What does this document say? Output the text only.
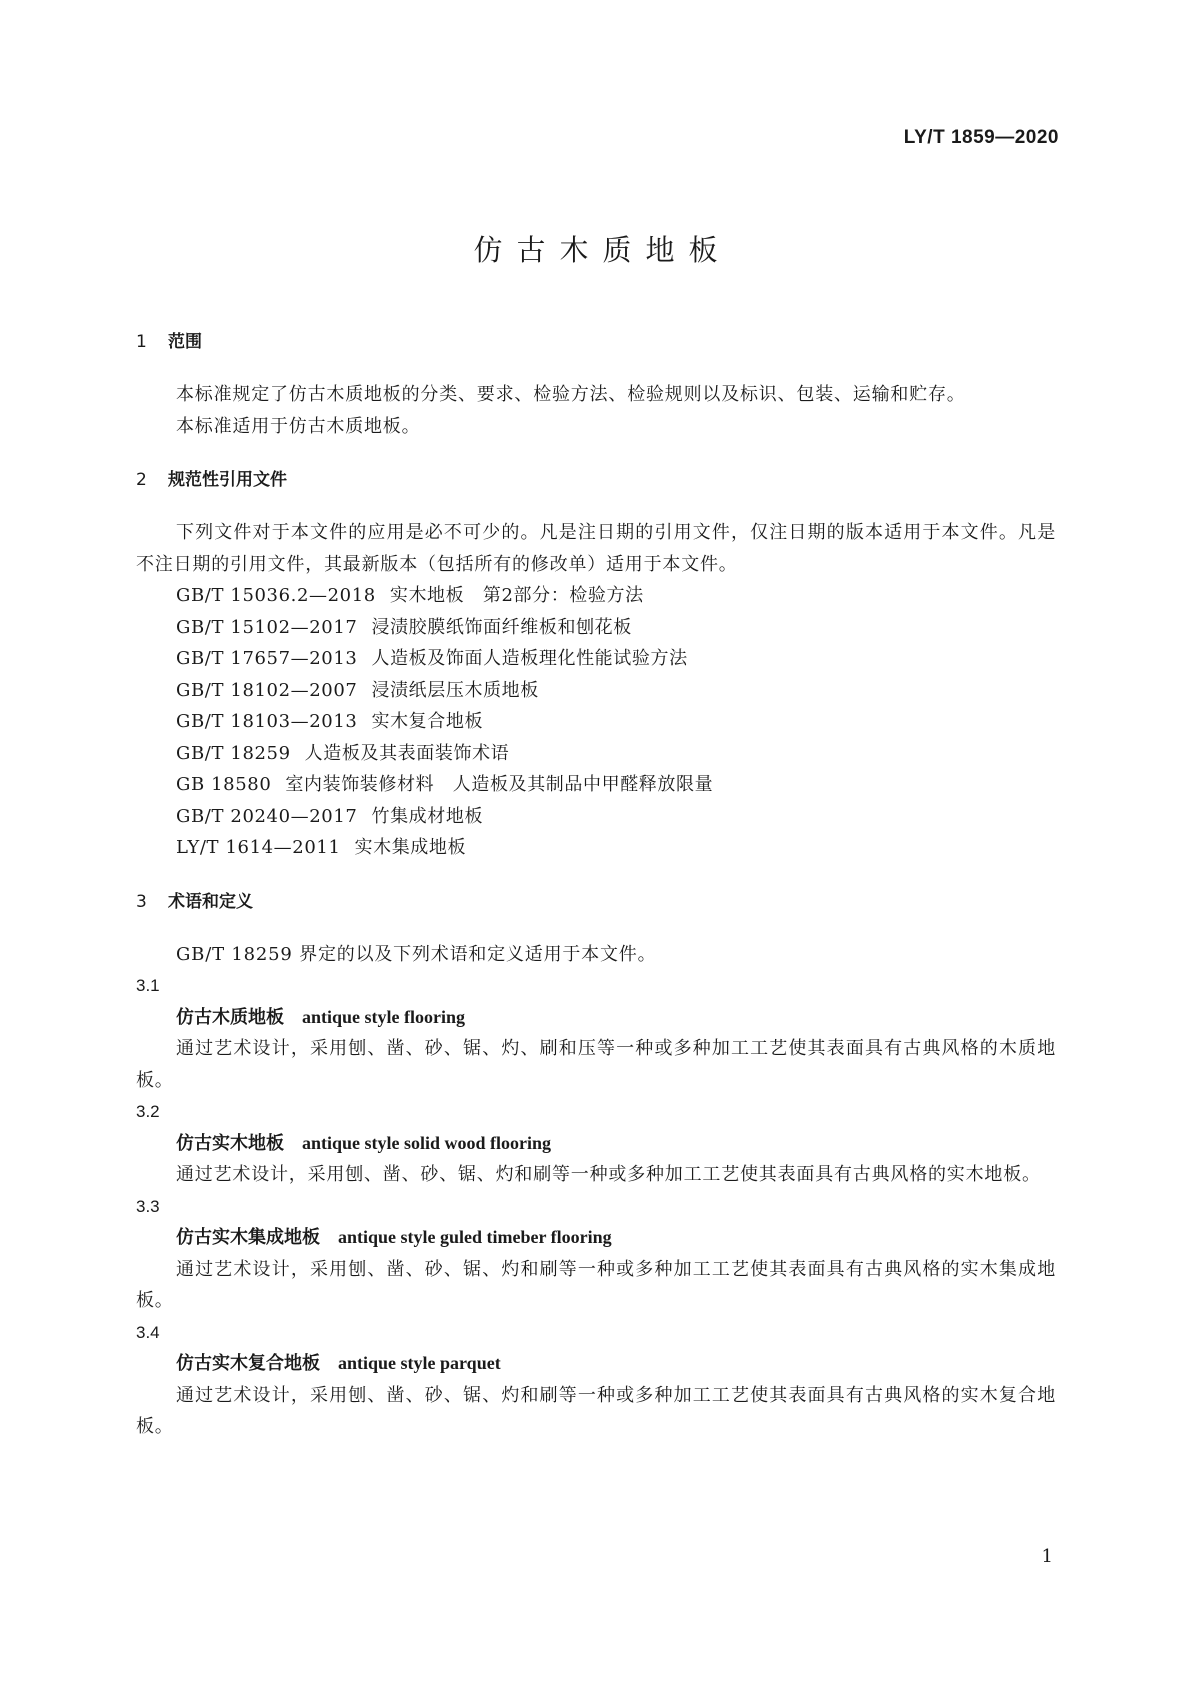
LY/T 1859—2020
仿古木质地板
1 范围

本标准规定了仿古木质地板的分类、要求、检验方法、检验规则以及标识、包装、运输和贮存。

本标准适用于仿古木质地板。

2 规范性引用文件

下列文件对于本文件的应用是必不可少的。凡是注日期的引用文件，仅注日期的版本适用于本文件。凡是不注日期的引用文件，其最新版本（包括所有的修改单）适用于本文件。

GB/T 15036.2—2018 实木地板　第2部分：检验方法

GB/T 15102—2017 浸渍胶膜纸饰面纤维板和刨花板

GB/T 17657—2013 人造板及饰面人造板理化性能试验方法

GB/T 18102—2007 浸渍纸层压木质地板

GB/T 18103—2013 实木复合地板

GB/T 18259 人造板及其表面装饰术语

GB 18580 室内装饰装修材料　人造板及其制品中甲醛释放限量

GB/T 20240—2017 竹集成材地板

LY/T 1614—2011 实木集成地板

3 术语和定义

GB/T 18259 界定的以及下列术语和定义适用于本文件。

3.1

仿古木质地板 antique style flooring

通过艺术设计，采用刨、凿、砂、锯、灼、刷和压等一种或多种加工工艺使其表面具有古典风格的木质地板。

3.2

仿古实木地板 antique style solid wood flooring

通过艺术设计，采用刨、凿、砂、锯、灼和刷等一种或多种加工工艺使其表面具有古典风格的实木地板。

3.3

仿古实木集成地板 antique style guled timeber flooring

通过艺术设计，采用刨、凿、砂、锯、灼和刷等一种或多种加工工艺使其表面具有古典风格的实木集成地板。

3.4

仿古实木复合地板 antique style parquet

通过艺术设计，采用刨、凿、砂、锯、灼和刷等一种或多种加工工艺使其表面具有古典风格的实木复合地板。

1
